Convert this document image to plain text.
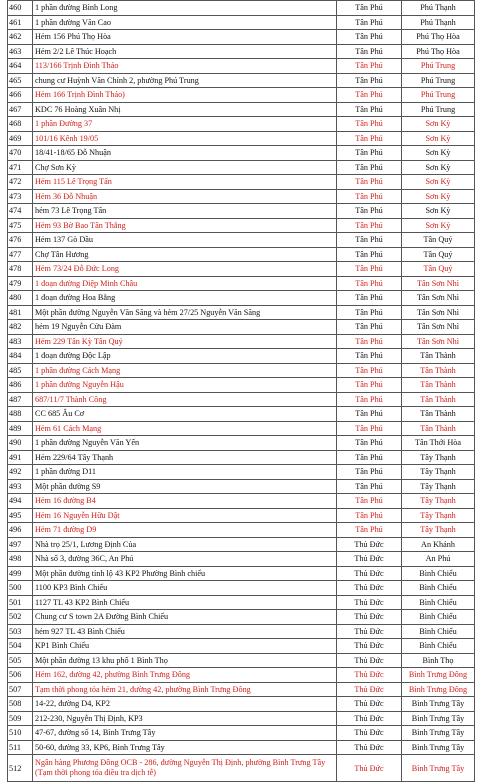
460	1 phần đường Bình Long	Tân Phú	Phú Thạnh
461	1 phần đường Văn Cao	Tân Phú	Phú Thạnh
462	Hẻm 156 Phú Thọ Hòa	Tân Phú	Phú Thọ Hòa
463	Hẻm 2/2 Lê Thúc Hoạch	Tân Phú	Phú Thọ Hòa
464	113/166 Trịnh Đình Thảo	Tân Phú	Phú Trung
465	chung cư Huỳnh Văn Chính 2, phường Phú Trung	Tân Phú	Phú Trung
466	Hẻm 166 Trịnh Đình Thảo)	Tân Phú	Phú Trung
467	KDC 76 Hoàng Xuân Nhị	Tân Phú	Phú Trung
468	1 phần Đường 37	Tân Phú	Sơn Kỳ
469	101/16 Kênh 19/05	Tân Phú	Sơn Kỳ
470	18/41-18/65 Đỗ Nhuận	Tân Phú	Sơn Kỳ
471	Chợ Sơn Kỳ	Tân Phú	Sơn Kỳ
472	Hẻm 115 Lê Trọng Tấn	Tân Phú	Sơn Kỳ
473	Hẻm 36 Đỗ Nhuận	Tân Phú	Sơn Kỳ
474	hẻm 73 Lê Trọng Tấn	Tân Phú	Sơn Kỳ
475	Hẻm 93 Bờ Bao Tân Thắng	Tân Phú	Sơn Kỳ
476	Hẻm 137 Gò Dầu	Tân Phú	Tân Quý
477	Chợ Tân Hương	Tân Phú	Tân Quý
478	Hẻm 73/24 Đỗ Đức Long	Tân Phú	Tân Quý
479	1 đoạn đường Diệp Minh Châu	Tân Phú	Tân Sơn Nhì
480	1 đoạn đường Hoa Bằng	Tân Phú	Tân Sơn Nhì
481	Một phần đường Nguyễn Văn Săng và hẻm 27/25 Nguyễn Văn Săng	Tân Phú	Tân Sơn Nhì
482	hẻm 19 Nguyễn Cửu Đàm	Tân Phú	Tân Sơn Nhì
483	Hẻm 229 Tân Kỳ Tân Quý	Tân Phú	Tân Sơn Nhì
484	1 đoạn đường Độc Lập	Tân Phú	Tân Thành
485	1 phần đường Cách Mạng	Tân Phú	Tân Thành
486	1 phần đường Nguyễn Hậu	Tân Phú	Tân Thành
487	687/11/7 Thành Công	Tân Phú	Tân Thành
488	CC 685 Âu Cơ	Tân Phú	Tân Thành
489	Hẻm 61 Cách Mạng	Tân Phú	Tân Thành
490	1 phần đường Nguyễn Văn Yến	Tân Phú	Tân Thới Hòa
491	Hẻm 229/64 Tây Thạnh	Tân Phú	Tây Thạnh
492	1 phần đường D11	Tân Phú	Tây Thạnh
493	Một phần đường S9	Tân Phú	Tây Thạnh
494	Hẻm 16 đường B4	Tân Phú	Tây Thạnh
495	Hẻm 16 Nguyễn Hữu Dật	Tân Phú	Tây Thạnh
496	Hẻm 71 đường D9	Tân Phú	Tây Thạnh
497	Nhà trọ 25/1, Lương Định Của	Thủ Đức	An Khánh
498	Nhà số 3, đường 36C, An Phú	Thủ Đức	An Phú
499	Một phần đường tỉnh lộ 43 KP2 Phường Bình chiểu	Thủ Đức	Bình Chiểu
500	1100 KP3 Bình Chiểu	Thủ Đức	Bình Chiểu
501	1127 TL 43 KP2 Bình Chiểu	Thủ Đức	Bình Chiểu
502	Chung cư S town 2A Đường Bình Chiểu	Thủ Đức	Bình Chiểu
503	hẻm 927 TL 43 Bình Chiểu	Thủ Đức	Bình Chiểu
504	KP1 Bình Chiểu	Thủ Đức	Bình Chiểu
505	Một phần đường 13 khu phố 1 Bình Thọ	Thủ Đức	Bình Thọ
506	Hẻm 162, đường 42, phường Bình Trưng Đông	Thủ Đức	Bình Trưng Đông
507	Tạm thời phong tỏa hẻm 21, đường 42, phường Bình Trưng Đông	Thủ Đức	Bình Trưng Đông
508	14-22, đường D4, KP2	Thủ Đức	Bình Trưng Tây
509	212-230, Nguyễn Thị Định, KP3	Thủ Đức	Bình Trưng Tây
510	47-67, đường số 14, Bình Trưng Tây	Thủ Đức	Bình Trưng Tây
511	50-60, đường 33, KP6, Bình Trưng Tây	Thủ Đức	Bình Trưng Tây
512	Ngân hàng Phương Đông OCB - 286, đường Nguyễn Thị Định, phường Bình Trưng Tây (Tạm thời phong tỏa điều tra dịch tễ)	Thủ Đức	Bình Trưng Tây
